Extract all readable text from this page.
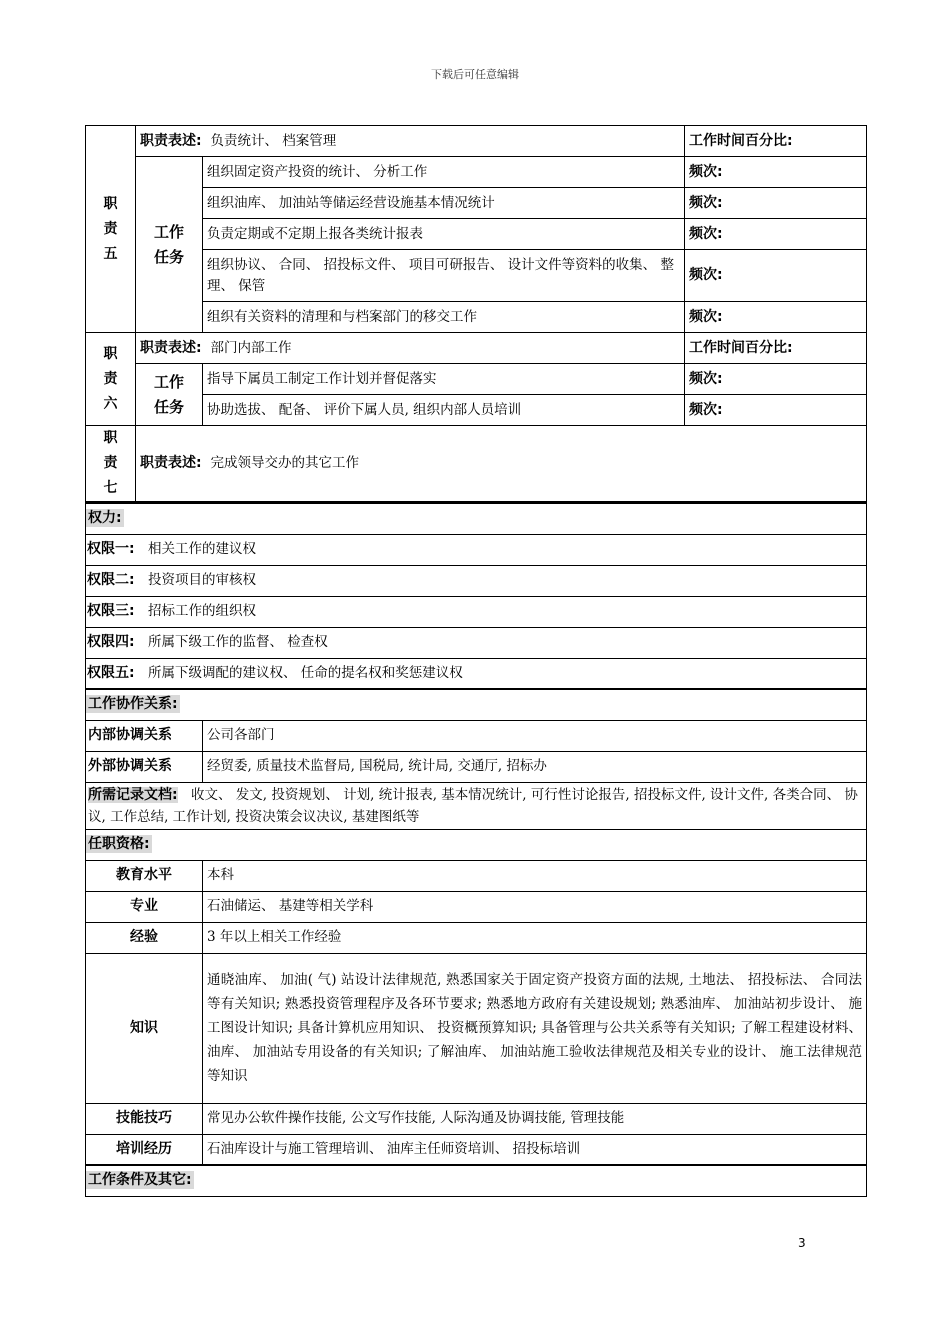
下载后可任意编辑
职
责
五	职责表述: 负责统计、 档案管理		工作时间百分比:

	工作
任务	组织固定资产投资的统计、 分析工作	频次:
		组织油库、 加油站等储运经营设施基本情况统计	频次:
		负责定期或不定期上报各类统计报表	频次:
		组织协议、 合同、 招投标文件、 项目可研报告、 设计文件等资料的收集、 整理、 保管	频次:
		组织有关资料的清理和与档案部门的移交工作	频次:

职
责
六	职责表述: 部门内部工作		工作时间百分比:

	工作
任务	指导下属员工制定工作计划并督促落实	频次:
		协助选拔、 配备、 评价下属人员, 组织内部人员培训	频次:

职
责
七	职责表述: 完成领导交办的其它工作		
权力:	
权限一: 相关工作的建议权	
权限二: 投资项目的审核权	
权限三: 招标工作的组织权	
权限四: 所属下级工作的监督、 检查权	
权限五: 所属下级调配的建议权、 任命的提名权和奖惩建议权	
工作协作关系:	
内部协调关系	公司各部门
外部协调关系	经贸委, 质量技术监督局, 国税局, 统计局, 交通厅, 招标办
所需记录文档: 收文、 发文, 投资规划、 计划, 统计报表, 基本情况统计, 可行性讨论报告, 招投标文件, 设计文件, 各类合同、 协议, 工作总结, 工作计划, 投资决策会议决议, 基建图纸等	
任职资格:	
教育水平	本科
专业	石油储运、 基建等相关学科
经验	3 年以上相关工作经验
知识	通晓油库、 加油( 气) 站设计法律规范, 熟悉国家关于固定资产投资方面的法规, 土地法、 招投标法、 合同法等有关知识; 熟悉投资管理程序及各环节要求; 熟悉地方政府有关建设规划; 熟悉油库、 加油站初步设计、 施工图设计知识; 具备计算机应用知识、 投资概预算知识; 具备管理与公共关系等有关知识; 了解工程建设材料、 油库、 加油站专用设备的有关知识; 了解油库、 加油站施工验收法律规范及相关专业的设计、 施工法律规范等知识
技能技巧	常见办公软件操作技能, 公文写作技能, 人际沟通及协调技能, 管理技能
培训经历	石油库设计与施工管理培训、 油库主任师资培训、 招投标培训
工作条件及其它:	
3
